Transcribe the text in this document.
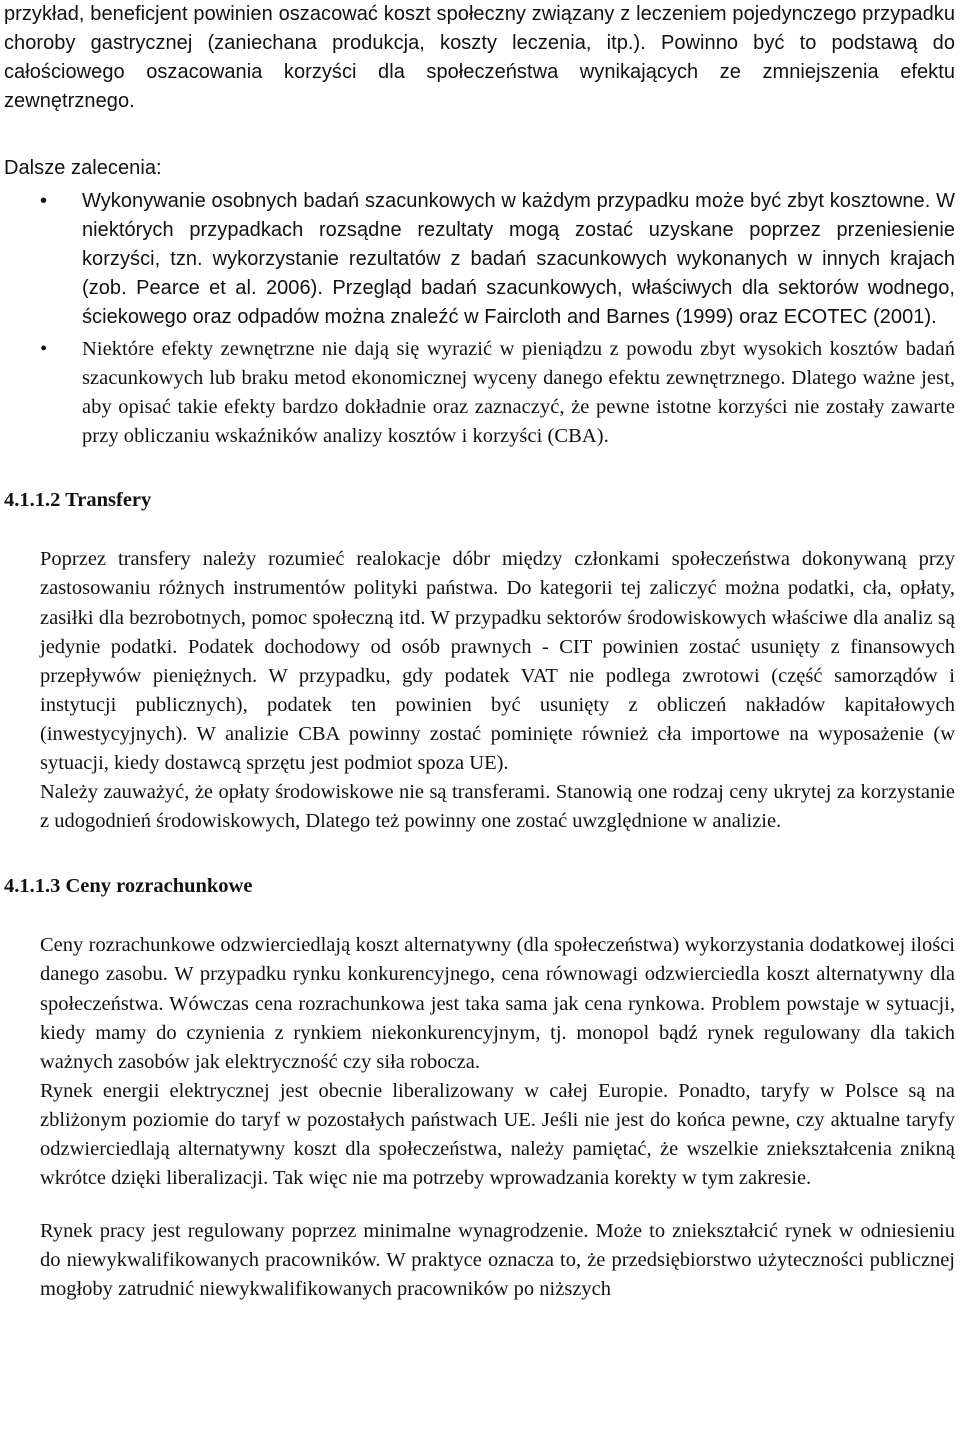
przykład, beneficjent powinien oszacować koszt społeczny związany z leczeniem pojedynczego przypadku choroby gastrycznej (zaniechana produkcja, koszty leczenia, itp.). Powinno być to podstawą do całościowego oszacowania korzyści dla społeczeństwa wynikających ze zmniejszenia efektu zewnętrznego.

Dalsze zalecenia:

• Wykonywanie osobnych badań szacunkowych w każdym przypadku może być zbyt kosztowne. W niektórych przypadkach rozsądne rezultaty mogą zostać uzyskane poprzez przeniesienie korzyści, tzn. wykorzystanie rezultatów z badań szacunkowych wykonanych w innych krajach (zob. Pearce et al. 2006). Przegląd badań szacunkowych, właściwych dla sektorów wodnego, ściekowego oraz odpadów można znaleźć w Faircloth and Barnes (1999) oraz ECOTEC (2001).
• Niektóre efekty zewnętrzne nie dają się wyrazić w pieniądzu z powodu zbyt wysokich kosztów badań szacunkowych lub braku metod ekonomicznej wyceny danego efektu zewnętrznego. Dlatego ważne jest, aby opisać takie efekty bardzo dokładnie oraz zaznaczyć, że pewne istotne korzyści nie zostały zawarte przy obliczaniu wskaźników analizy kosztów i korzyści (CBA).
4.1.1.2 Transfery

Poprzez transfery należy rozumieć realokacje dóbr między członkami społeczeństwa dokonywaną przy zastosowaniu różnych instrumentów polityki państwa. Do kategorii tej zaliczyć można podatki, cła, opłaty, zasiłki dla bezrobotnych, pomoc społeczną itd. W przypadku sektorów środowiskowych właściwe dla analiz są jedynie podatki. Podatek dochodowy od osób prawnych - CIT powinien zostać usunięty z finansowych przepływów pieniężnych. W przypadku, gdy podatek VAT nie podlega zwrotowi (część samorządów i instytucji publicznych), podatek ten powinien być usunięty z obliczeń nakładów kapitałowych (inwestycyjnych). W analizie CBA powinny zostać pominięte również cła importowe na wyposażenie (w sytuacji, kiedy dostawcą sprzętu jest podmiot spoza UE).

Należy zauważyć, że opłaty środowiskowe nie są transferami. Stanowią one rodzaj ceny ukrytej za korzystanie z udogodnień środowiskowych, Dlatego też powinny one zostać uwzględnione w analizie.

4.1.1.3 Ceny rozrachunkowe

Ceny rozrachunkowe odzwierciedlają koszt alternatywny (dla społeczeństwa) wykorzystania dodatkowej ilości danego zasobu. W przypadku rynku konkurencyjnego, cena równowagi odzwierciedla koszt alternatywny dla społeczeństwa. Wówczas cena rozrachunkowa jest taka sama jak cena rynkowa. Problem powstaje w sytuacji, kiedy mamy do czynienia z rynkiem niekonkurencyjnym, tj. monopol bądź rynek regulowany dla takich ważnych zasobów jak elektryczność czy siła robocza.

Rynek energii elektrycznej jest obecnie liberalizowany w całej Europie. Ponadto, taryfy w Polsce są na zbliżonym poziomie do taryf w pozostałych państwach UE. Jeśli nie jest do końca pewne, czy aktualne taryfy odzwierciedlają alternatywny koszt dla społeczeństwa, należy pamiętać, że wszelkie zniekształcenia znikną wkrótce dzięki liberalizacji. Tak więc nie ma potrzeby wprowadzania korekty w tym zakresie.

Rynek pracy jest regulowany poprzez minimalne wynagrodzenie. Może to zniekształcić rynek w odniesieniu do niewykwalifikowanych pracowników. W praktyce oznacza to, że przedsiębiorstwo użyteczności publicznej mogłoby zatrudnić niewykwalifikowanych pracowników po niższych
